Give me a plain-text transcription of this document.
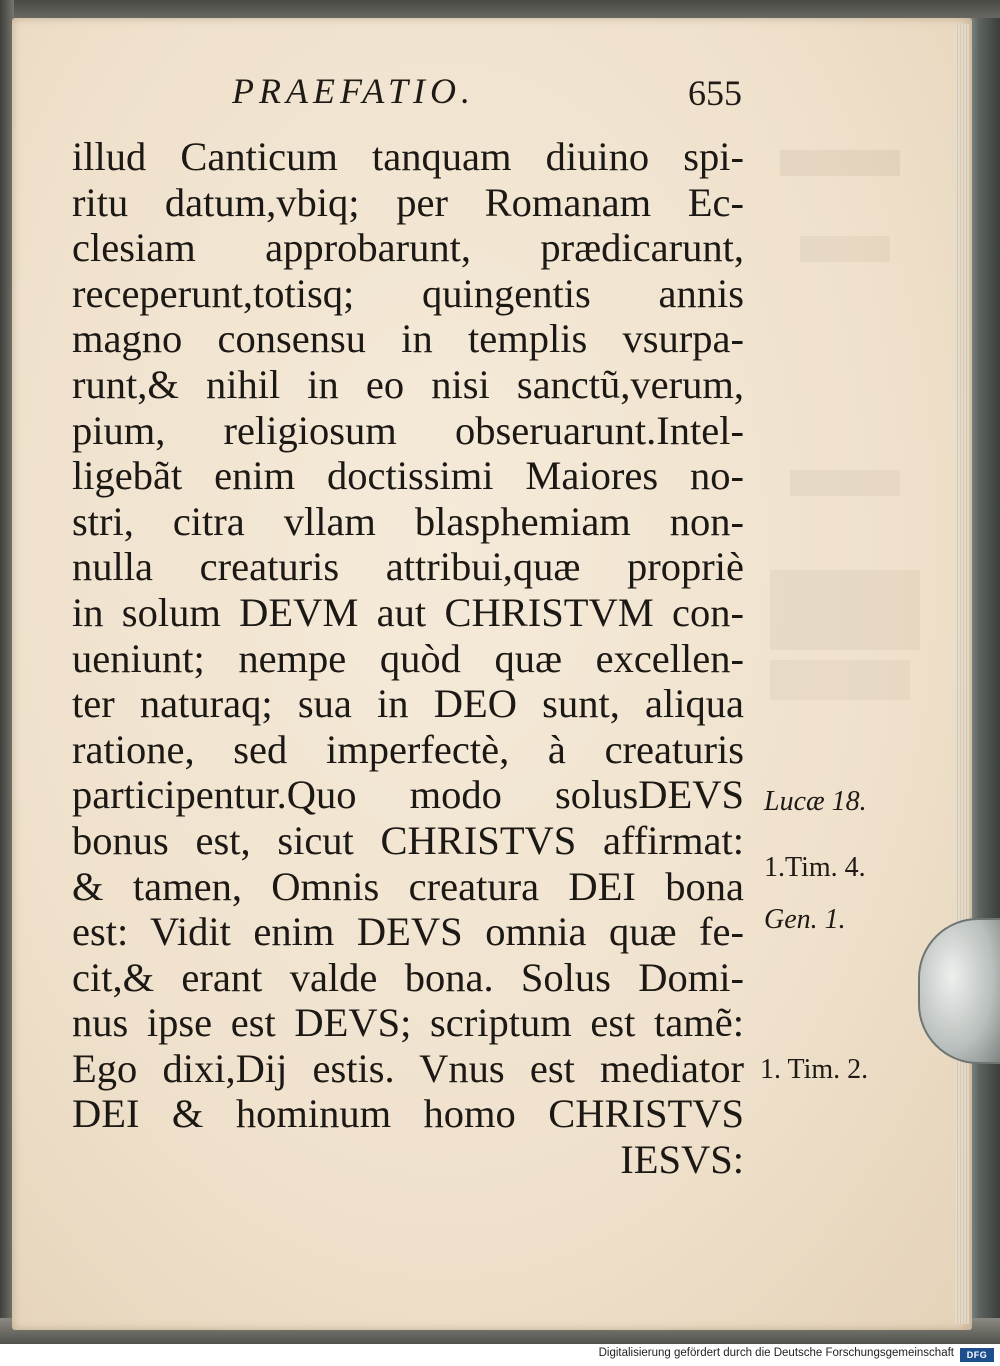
PRAEFATIO.	655
illud Canticum tanquam diuino spi-
ritu datum,vbiq; per Romanam Ec-
clesiam approbarunt, prædicarunt,
receperunt,totisq; quingentis annis
magno consensu in templis vsurpa-
runt,& nihil in eo nisi sanctũ,verum,
pium, religiosum obseruarunt.Intel-
ligebãt enim doctissimi Maiores no-
stri, citra vllam blasphemiam non-
nulla creaturis attribui,quæ propriè
in solum DEVM aut CHRISTVM con-
ueniunt; nempe quòd quæ excellen-
ter naturaq; sua in DEO sunt, aliqua
ratione, sed imperfectè, à creaturis
participentur.Quo modo solusDEVS
bonus est, sicut CHRISTVS affirmat:
& tamen, Omnis creatura DEI bona
est: Vidit enim DEVS omnia quæ fe-
cit,& erant valde bona. Solus Domi-
nus ipse est DEVS; scriptum est tamẽ:
Ego dixi,Dij estis. Vnus est mediator
DEI & hominum homo CHRISTVS
IESVS:
Lucæ 18.
1.Tim. 4.
Gen. 1.
1. Tim. 2.
Digitalisierung gefördert durch die Deutsche Forschungsgemeinschaft	DFG
